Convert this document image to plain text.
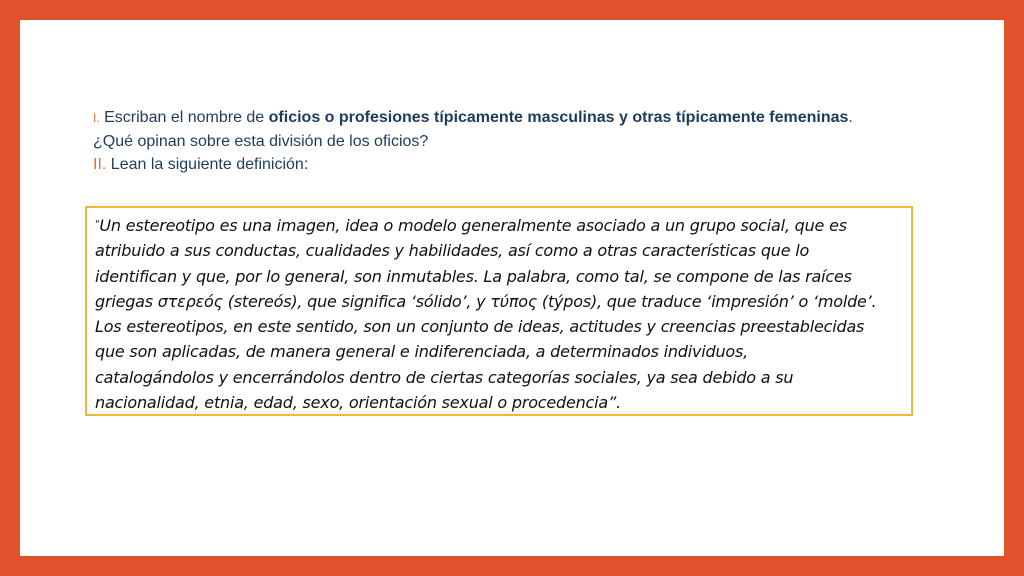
I. Escriban el nombre de oficios o profesiones típicamente masculinas y otras típicamente femeninas.
¿Qué opinan sobre esta división de los oficios?
II. Lean la siguiente definición:
"Un estereotipo es una imagen, idea o modelo generalmente asociado a un grupo social, que es
atribuido a sus conductas, cualidades y habilidades, así como a otras características que lo
identifican y que, por lo general, son inmutables. La palabra, como tal, se compone de las raíces
griegas στερεός (stereós), que significa ‘sólido’, y τύπος (týpos), que traduce ‘impresión’ o ‘molde’.
Los estereotipos, en este sentido, son un conjunto de ideas, actitudes y creencias preestablecidas
que son aplicadas, de manera general e indiferenciada, a determinados individuos,
catalogándolos y encerrándolos dentro de ciertas categorías sociales, ya sea debido a su
nacionalidad, etnia, edad, sexo, orientación sexual o procedencia”.
